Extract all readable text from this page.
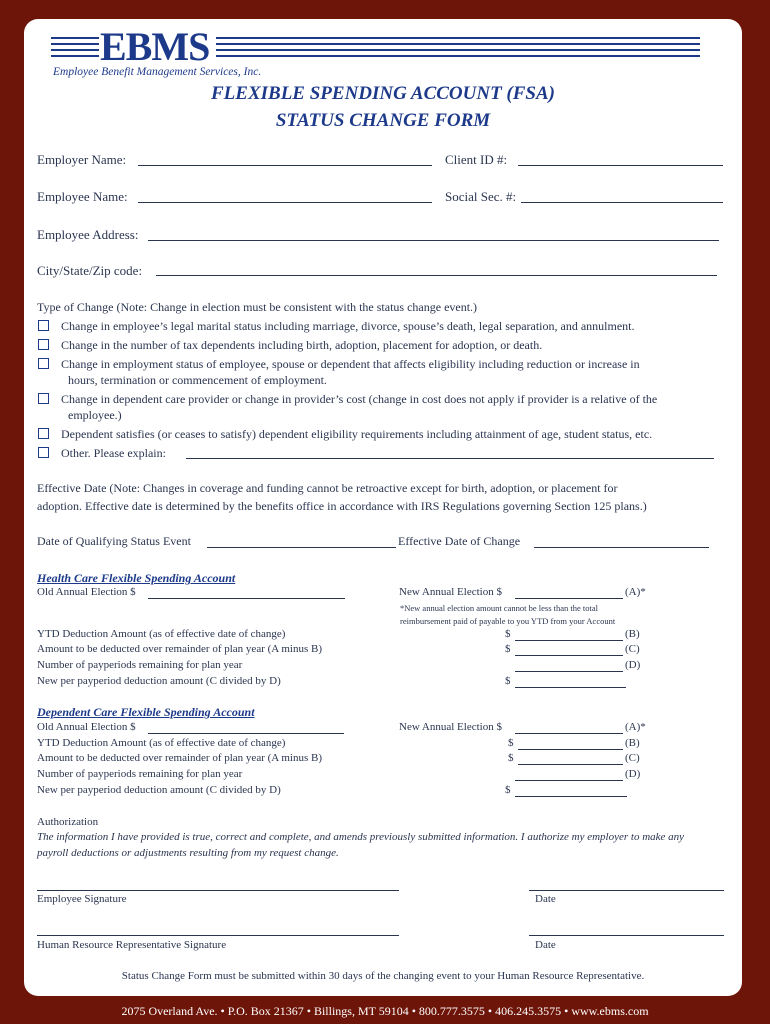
EBMS
Employee Benefit Management Services, Inc.
FLEXIBLE SPENDING ACCOUNT (FSA)
STATUS CHANGE FORM
Employer Name:	Client ID #:
Employee Name:	Social Sec. #:
Employee Address:
City/State/Zip code:
Type of Change (Note: Change in election must be consistent with the status change event.)
Change in employee’s legal marital status including marriage, divorce, spouse’s death, legal separation, and annulment.
Change in the number of tax dependents including birth, adoption, placement for adoption, or death.
Change in employment status of employee, spouse or dependent that affects eligibility including reduction or increase in
hours, termination or commencement of employment.
Change in dependent care provider or change in provider’s cost (change in cost does not apply if provider is a relative of the
employee.)
Dependent satisfies (or ceases to satisfy) dependent eligibility requirements including attainment of age, student status, etc.
Other. Please explain:
Effective Date (Note: Changes in coverage and funding cannot be retroactive except for birth, adoption, or placement for
adoption. Effective date is determined by the benefits office in accordance with IRS Regulations governing Section 125 plans.)
Date of Qualifying Status Event	Effective Date of Change
Health Care Flexible Spending Account
Old Annual Election $	New Annual Election $	(A)*
*New annual election amount cannot be less than the total
reimbursement paid of payable to you YTD from your Account
YTD Deduction Amount (as of effective date of change)	$	(B)
Amount to be deducted over remainder of plan year (A minus B)	$	(C)
Number of payperiods remaining for plan year	(D)
New per payperiod deduction amount (C divided by D)	$
Dependent Care Flexible Spending Account
Old Annual Election $	New Annual Election $	(A)*
YTD Deduction Amount (as of effective date of change)	$	(B)
Amount to be deducted over remainder of plan year (A minus B)	$	(C)
Number of payperiods remaining for plan year	(D)
New per payperiod deduction amount (C divided by D)	$
Authorization
The information I have provided is true, correct and complete, and amends previously submitted information. I authorize my employer to make any
payroll deductions or adjustments resulting from my request change.
Employee Signature	Date
Human Resource Representative Signature	Date
Status Change Form must be submitted within 30 days of the changing event to your Human Resource Representative.
2075 Overland Ave. • P.O. Box 21367 • Billings, MT 59104 • 800.777.3575 • 406.245.3575 • www.ebms.com
